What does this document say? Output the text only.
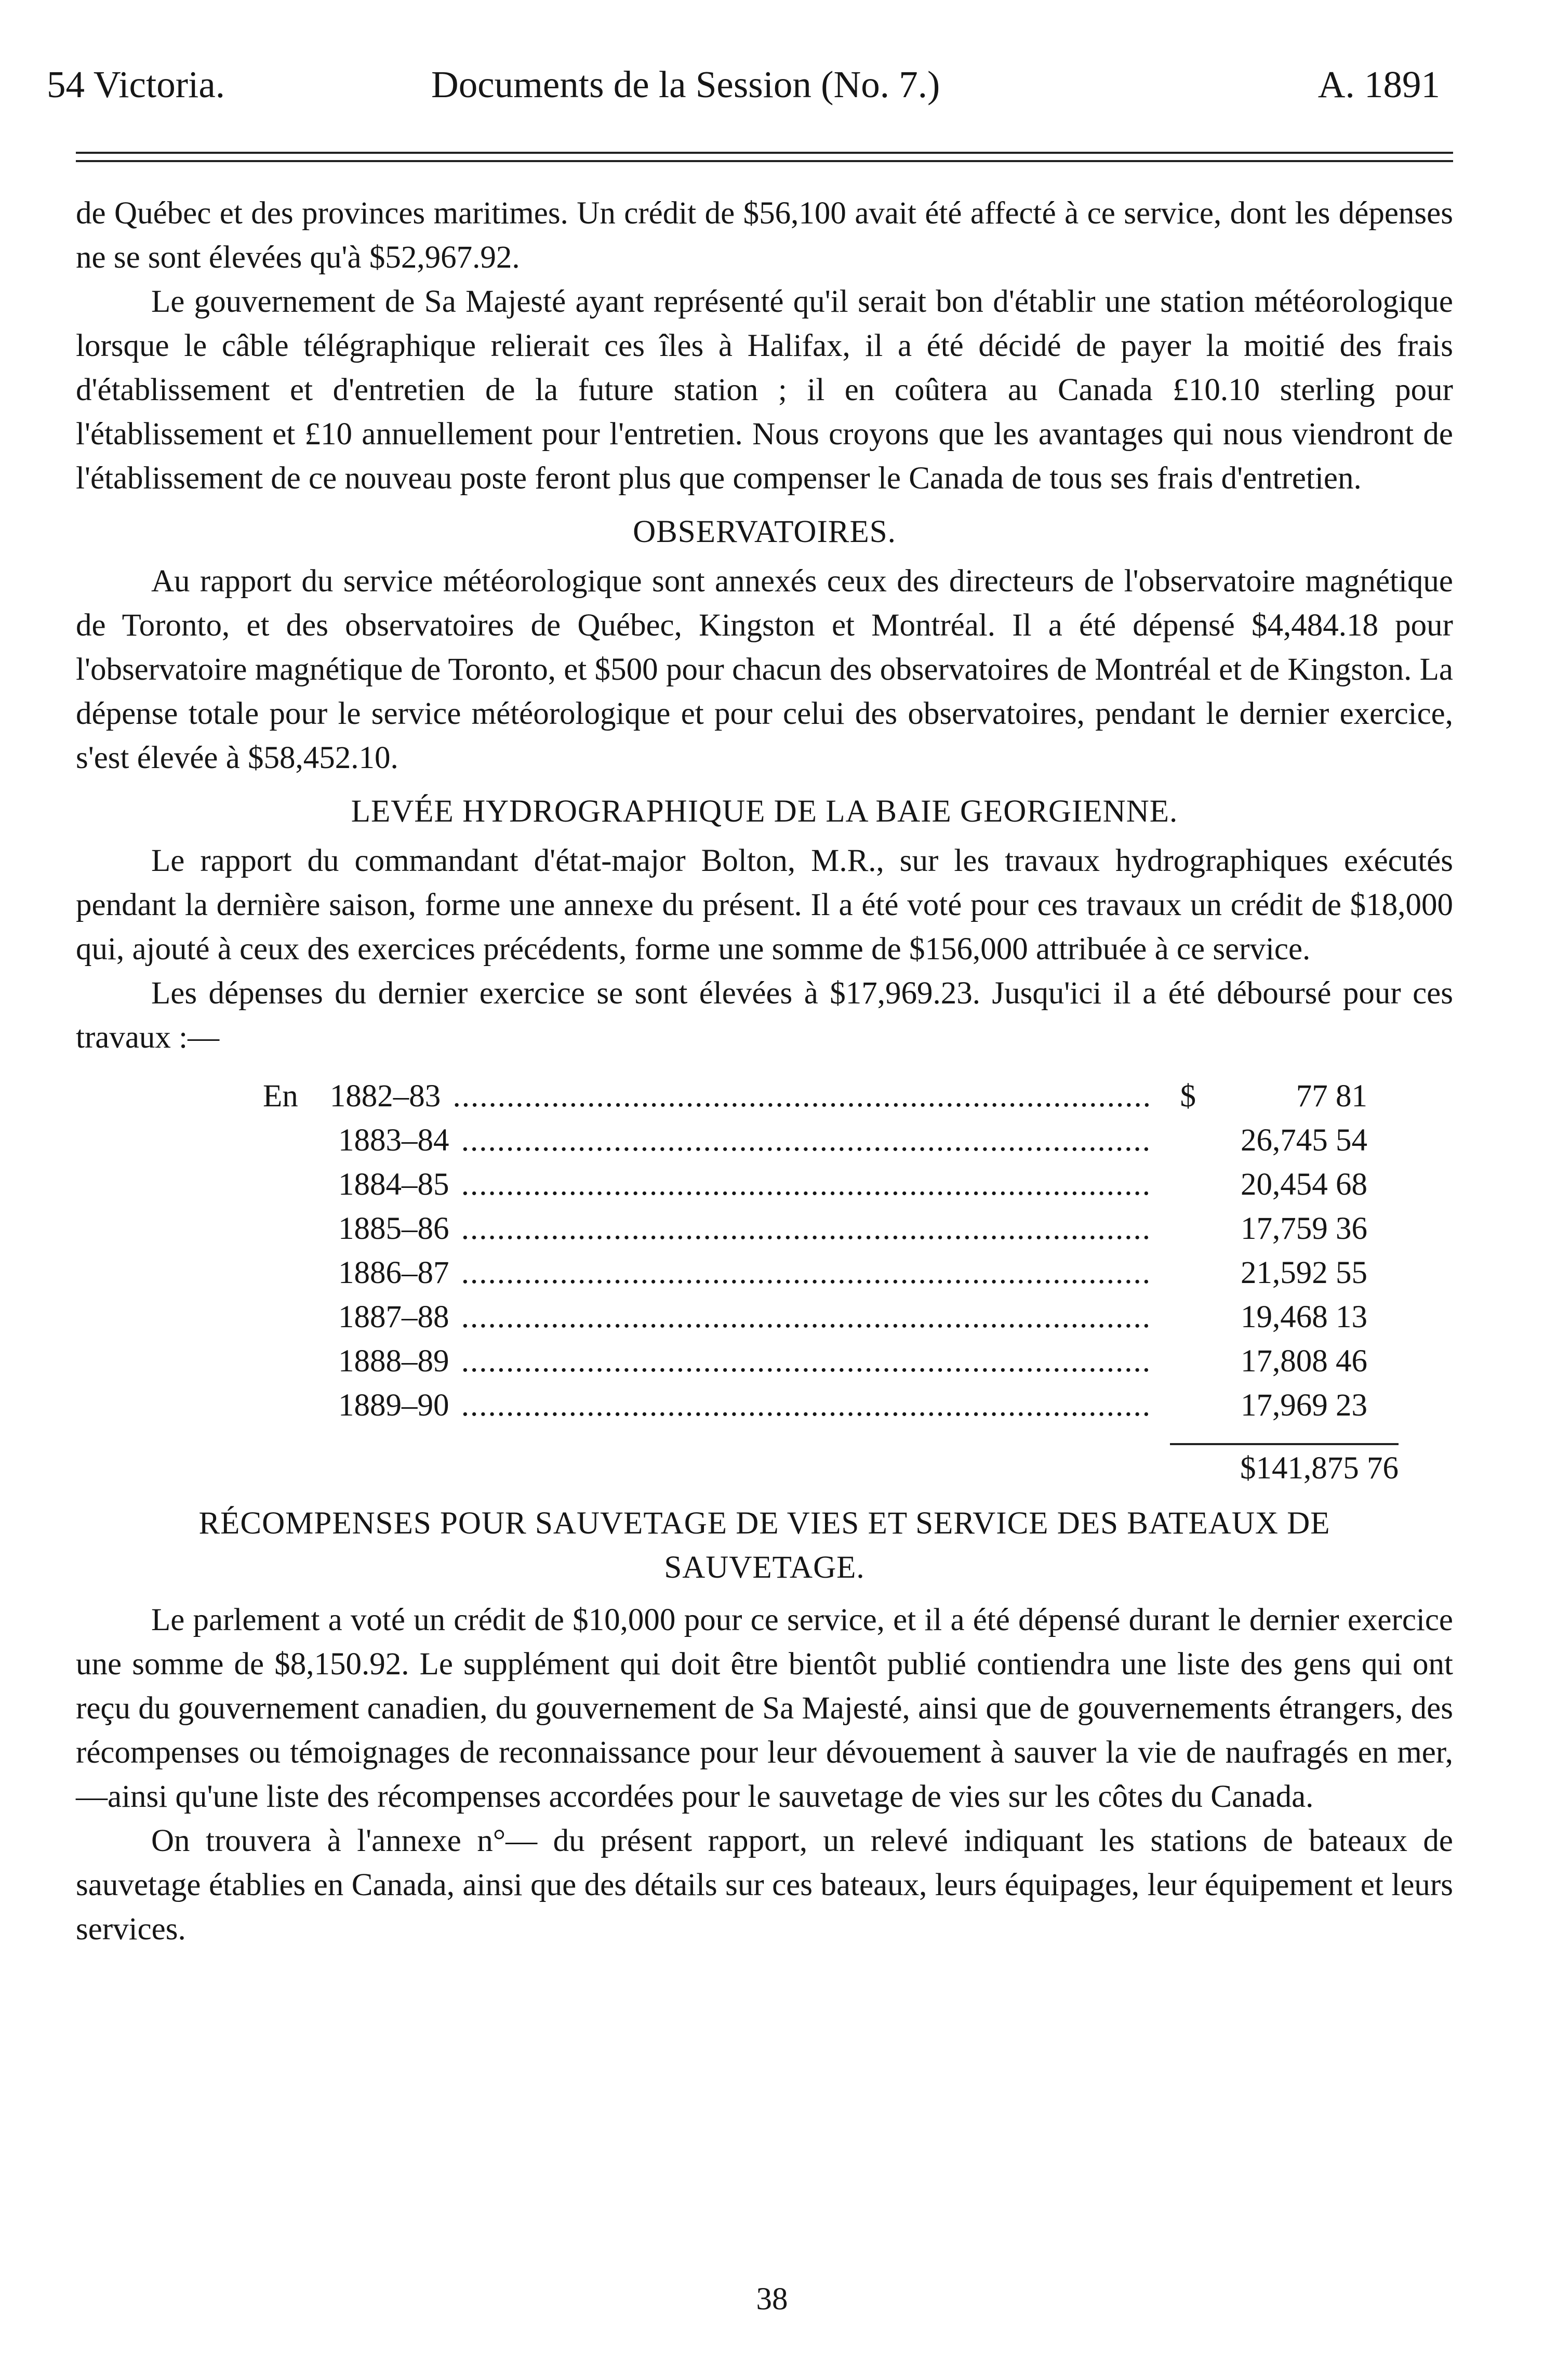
54 Victoria.	Documents de la Session (No. 7.)	A. 1891

de Québec et des provinces maritimes. Un crédit de $56,100 avait été affecté à ce service, dont les dépenses ne se sont élevées qu'à $52,967.92.

Le gouvernement de Sa Majesté ayant représenté qu'il serait bon d'établir une station météorologique lorsque le câble télégraphique relierait ces îles à Halifax, il a été décidé de payer la moitié des frais d'établissement et d'entretien de la future station ; il en coûtera au Canada £10.10 sterling pour l'établissement et £10 annuellement pour l'entretien. Nous croyons que les avantages qui nous viendront de l'établissement de ce nouveau poste feront plus que compenser le Canada de tous ses frais d'entretien.

OBSERVATOIRES.

Au rapport du service météorologique sont annexés ceux des directeurs de l'observatoire magnétique de Toronto, et des observatoires de Québec, Kingston et Montréal. Il a été dépensé $4,484.18 pour l'observatoire magnétique de Toronto, et $500 pour chacun des observatoires de Montréal et de Kingston. La dépense totale pour le service météorologique et pour celui des observatoires, pendant le dernier exercice, s'est élevée à $58,452.10.

LEVÉE HYDROGRAPHIQUE DE LA BAIE GEORGIENNE.

Le rapport du commandant d'état-major Bolton, M.R., sur les travaux hydrographiques exécutés pendant la dernière saison, forme une annexe du présent. Il a été voté pour ces travaux un crédit de $18,000 qui, ajouté à ceux des exercices précédents, forme une somme de $156,000 attribuée à ce service.

Les dépenses du dernier exercice se sont élevées à $17,969.23. Jusqu'ici il a été déboursé pour ces travaux :—

En 1882–83 .....	$	77 81
1883–84 .....	26,745 54
1884–85 .....	20,454 68
1885–86 .....	17,759 36
1886–87 .....	21,592 55
1887–88 .....	19,468 13
1888–89 .....	17,808 46
1889–90 .....	17,969 23
$141,875 76
RÉCOMPENSES POUR SAUVETAGE DE VIES ET SERVICE DES BATEAUX DE SAUVETAGE.

Le parlement a voté un crédit de $10,000 pour ce service, et il a été dépensé durant le dernier exercice une somme de $8,150.92. Le supplément qui doit être bientôt publié contiendra une liste des gens qui ont reçu du gouvernement canadien, du gouvernement de Sa Majesté, ainsi que de gouvernements étrangers, des récompenses ou témoignages de reconnaissance pour leur dévouement à sauver la vie de naufragés en mer,—ainsi qu'une liste des récompenses accordées pour le sauvetage de vies sur les côtes du Canada.

On trouvera à l'annexe n°— du présent rapport, un relevé indiquant les stations de bateaux de sauvetage établies en Canada, ainsi que des détails sur ces bateaux, leurs équipages, leur équipement et leurs services.

38
